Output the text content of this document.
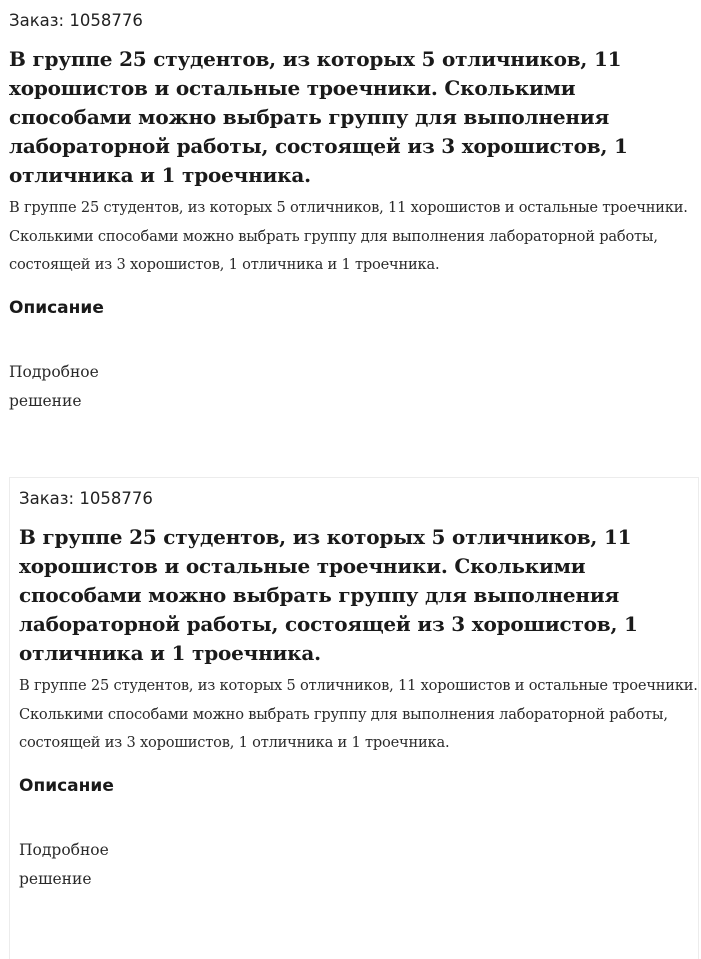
Заказ: 1058776
В группе 25 студентов, из которых 5 отличников, 11 хорошистов и остальные троечники. Сколькими способами можно выбрать группу для выполнения лабораторной работы, состоящей из 3 хорошистов, 1 отличника и 1 троечника.
В группе 25 студентов, из которых 5 отличников, 11 хорошистов и остальные троечники. Сколькими способами можно выбрать группу для выполнения лабораторной работы, состоящей из 3 хорошистов, 1 отличника и 1 троечника.
Описание
Подробное решение
Заказ: 1058776
В группе 25 студентов, из которых 5 отличников, 11 хорошистов и остальные троечники. Сколькими способами можно выбрать группу для выполнения лабораторной работы, состоящей из 3 хорошистов, 1 отличника и 1 троечника.
В группе 25 студентов, из которых 5 отличников, 11 хорошистов и остальные троечники. Сколькими способами можно выбрать группу для выполнения лабораторной работы, состоящей из 3 хорошистов, 1 отличника и 1 троечника.
Описание
Подробное решение
